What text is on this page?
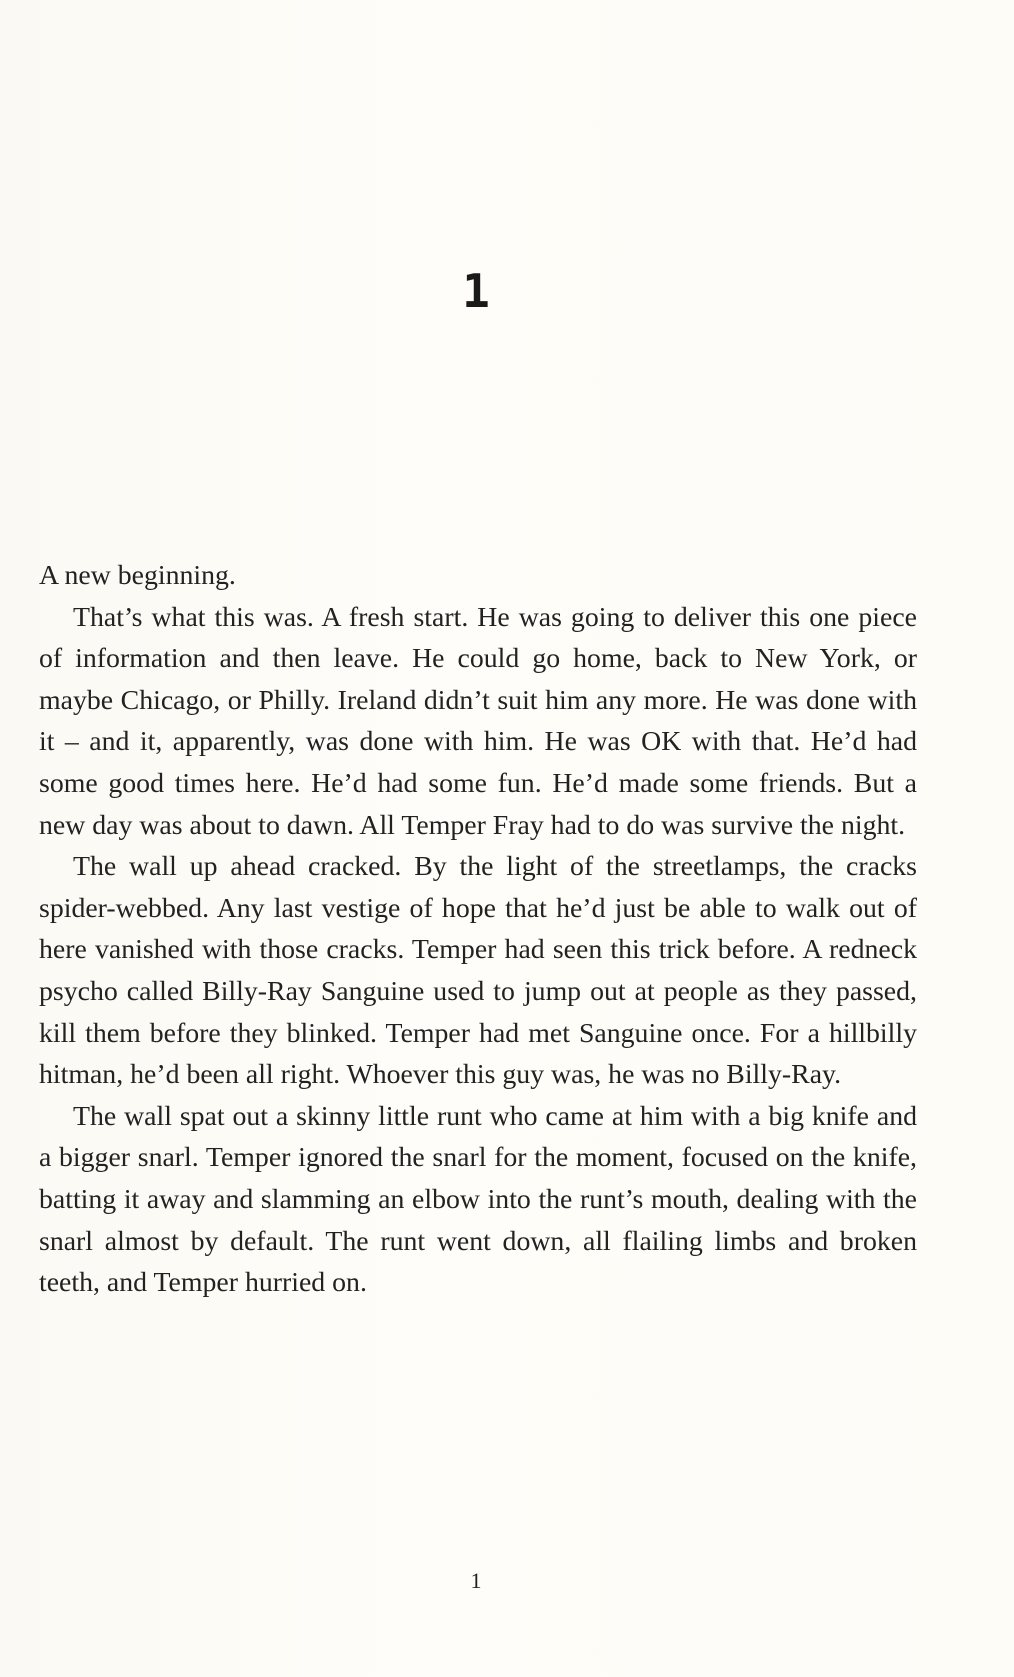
1

A new beginning.

That’s what this was. A fresh start. He was going to deliver this one piece of information and then leave. He could go home, back to New York, or maybe Chicago, or Philly. Ireland didn’t suit him any more. He was done with it – and it, apparently, was done with him. He was OK with that. He’d had some good times here. He’d had some fun. He’d made some friends. But a new day was about to dawn. All Temper Fray had to do was survive the night.

The wall up ahead cracked. By the light of the streetlamps, the cracks spider-webbed. Any last vestige of hope that he’d just be able to walk out of here vanished with those cracks. Temper had seen this trick before. A redneck psycho called Billy-Ray Sanguine used to jump out at people as they passed, kill them before they blinked. Temper had met Sanguine once. For a hillbilly hitman, he’d been all right. Whoever this guy was, he was no Billy-Ray.

The wall spat out a skinny little runt who came at him with a big knife and a bigger snarl. Temper ignored the snarl for the moment, focused on the knife, batting it away and slamming an elbow into the runt’s mouth, dealing with the snarl almost by default. The runt went down, all flailing limbs and broken teeth, and Temper hurried on.

1
